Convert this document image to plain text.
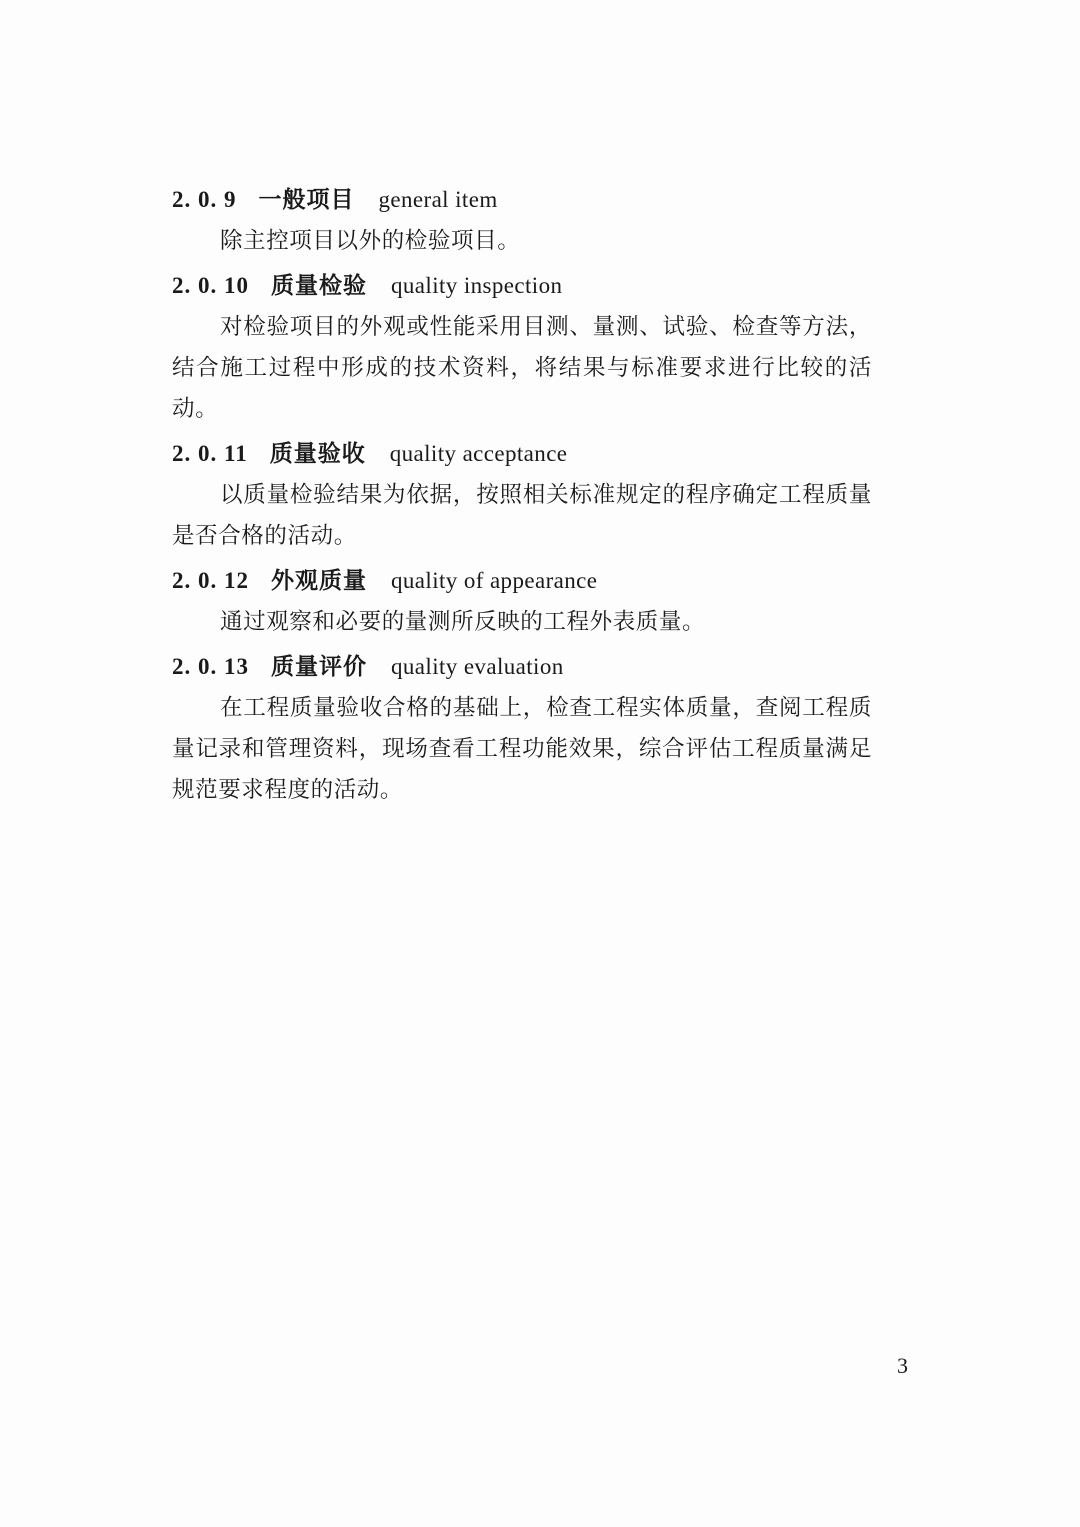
2. 0. 9 一般项目 general item
除主控项目以外的检验项目。
2. 0. 10 质量检验 quality inspection
对检验项目的外观或性能采用目测、量测、试验、检查等方法，结合施工过程中形成的技术资料，将结果与标准要求进行比较的活动。
2. 0. 11 质量验收 quality acceptance
以质量检验结果为依据，按照相关标准规定的程序确定工程质量是否合格的活动。
2. 0. 12 外观质量 quality of appearance
通过观察和必要的量测所反映的工程外表质量。
2. 0. 13 质量评价 quality evaluation
在工程质量验收合格的基础上，检查工程实体质量，查阅工程质量记录和管理资料，现场查看工程功能效果，综合评估工程质量满足规范要求程度的活动。
3
